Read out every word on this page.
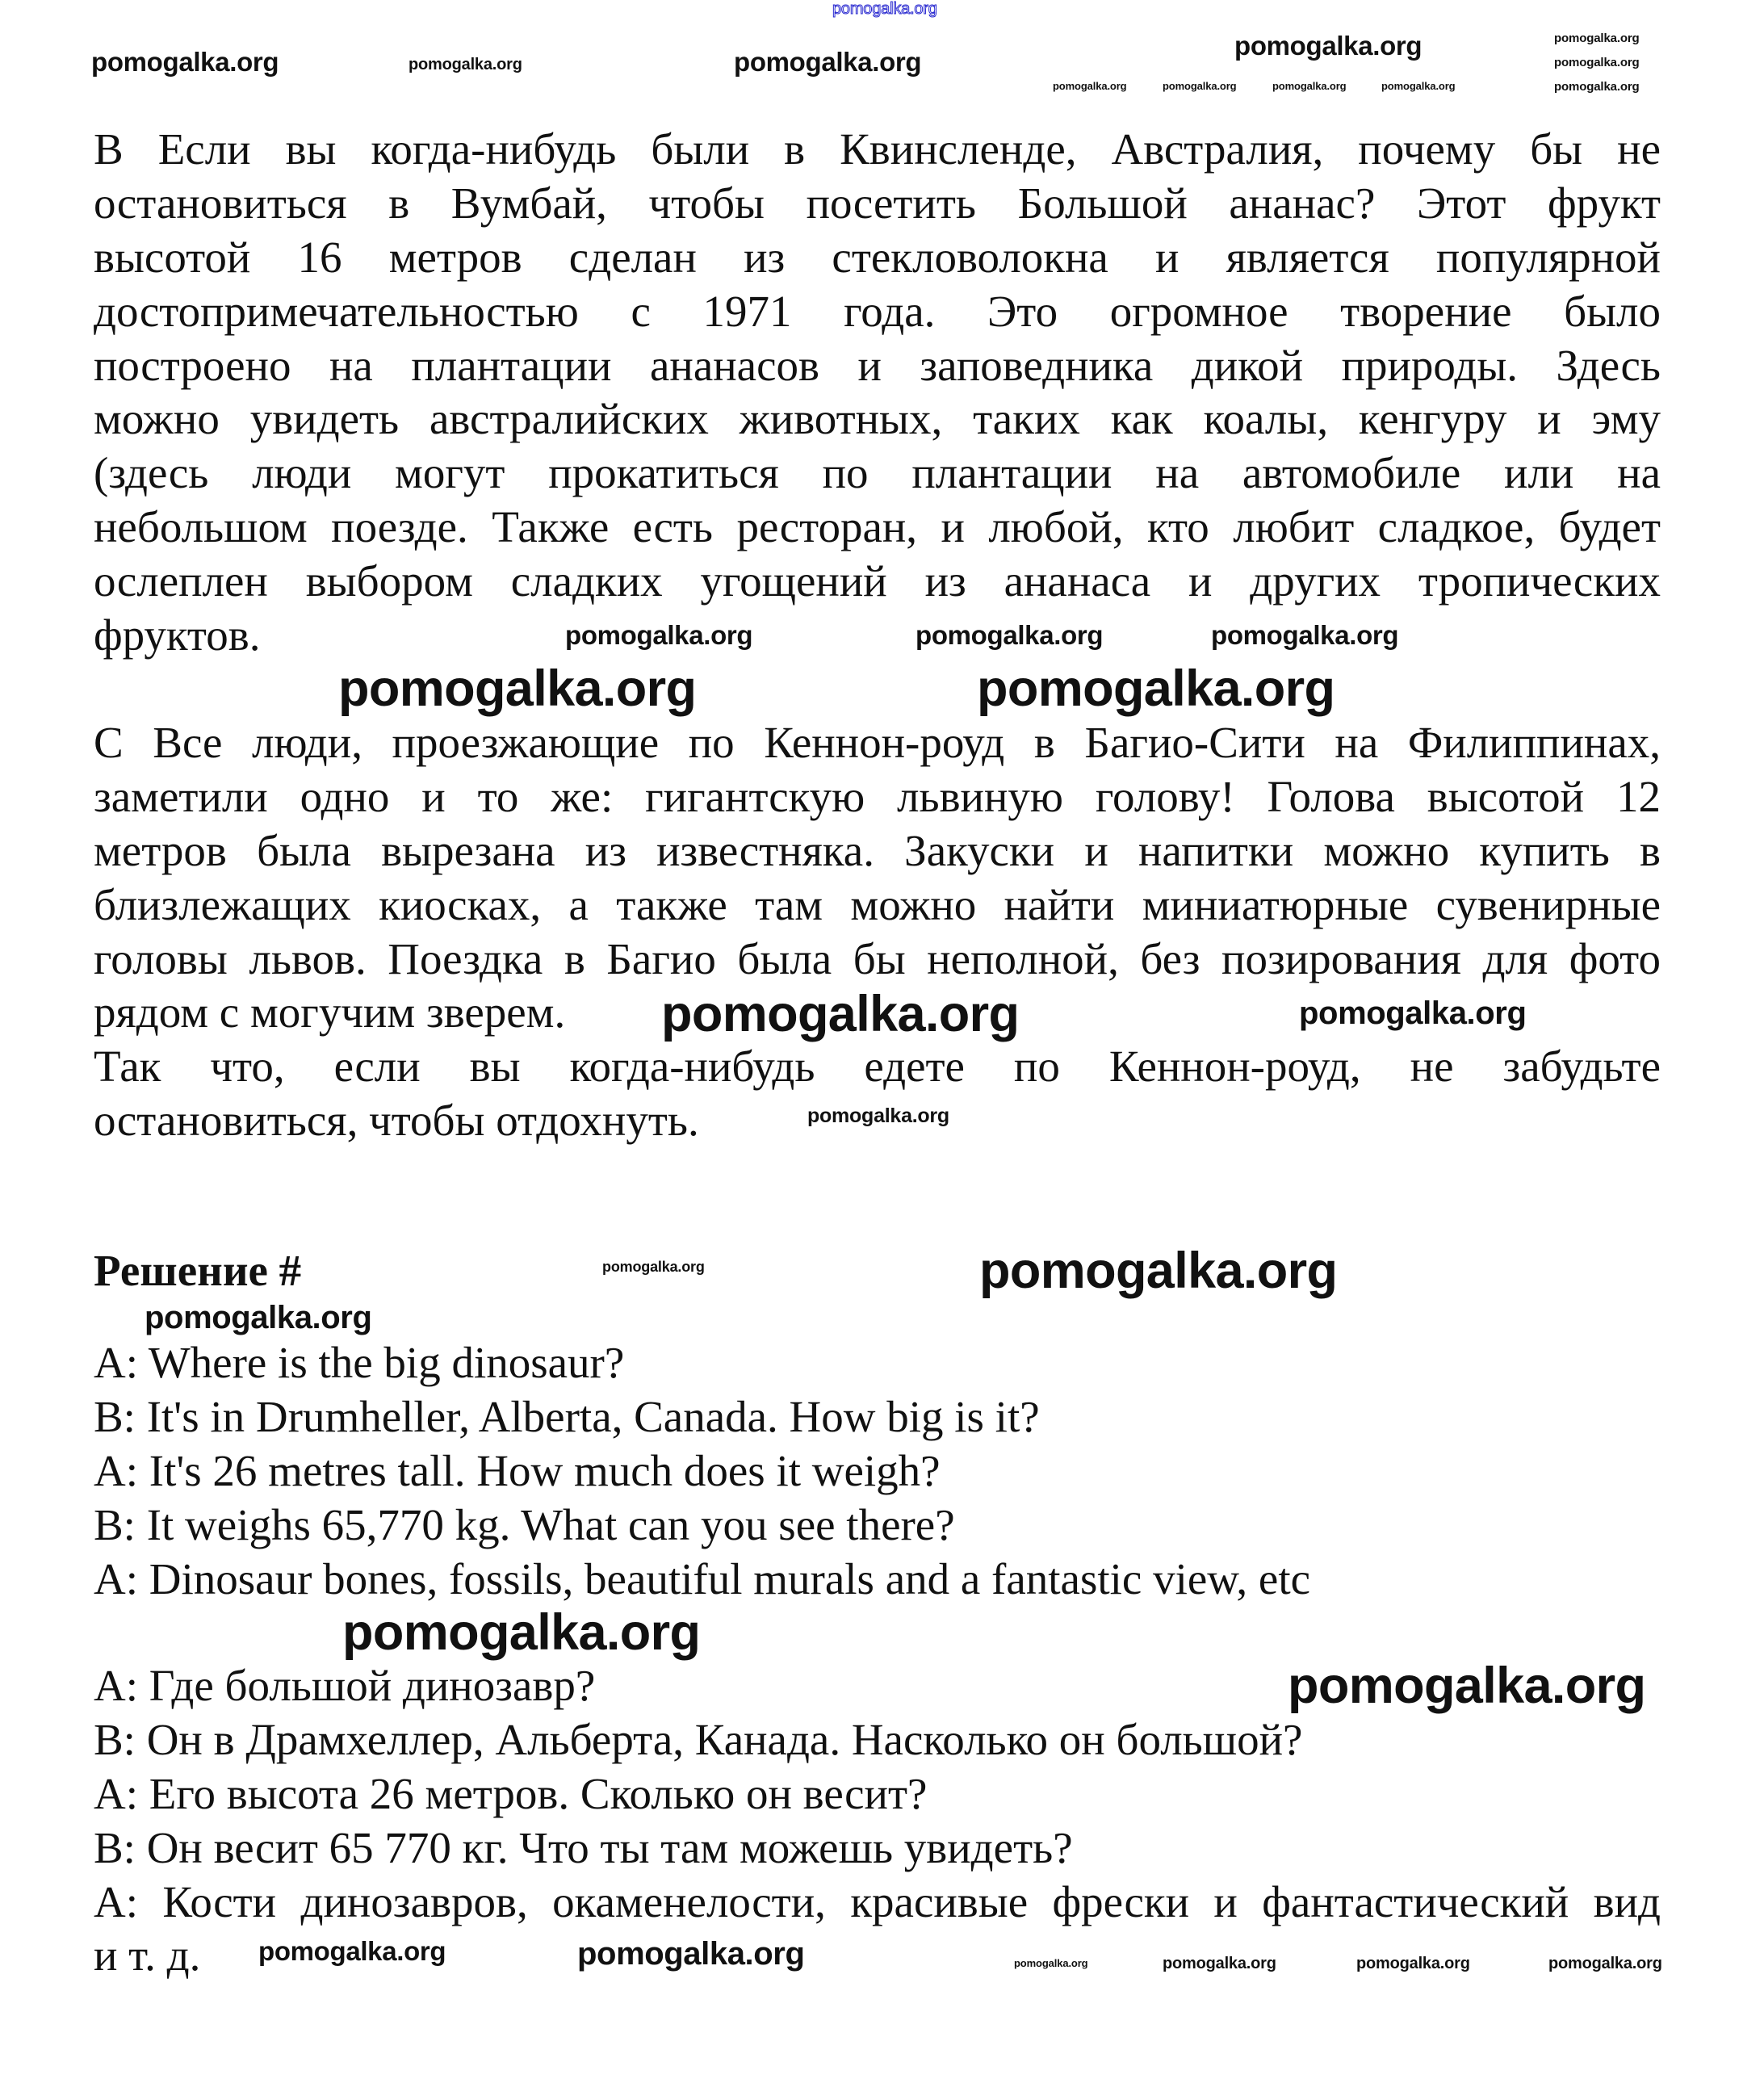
В Если вы когда-нибудь были в Квинсленде, Австралия, почему бы не
остановиться в Вумбай, чтобы посетить Большой ананас? Этот фрукт
высотой 16 метров сделан из стекловолокна и является популярной
достопримечательностью с 1971 года. Это огромное творение было
построено на плантации ананасов и заповедника дикой природы. Здесь
можно увидеть австралийских животных, таких как коалы, кенгуру и эму
(здесь люди могут прокатиться по плантации на автомобиле или на
небольшом поезде. Также есть ресторан, и любой, кто любит сладкое, будет
ослеплен выбором сладких угощений из ананаса и других тропических
фруктов.
С Все люди, проезжающие по Кеннон-роуд в Багио-Сити на Филиппинах,
заметили одно и то же: гигантскую львиную голову! Голова высотой 12
метров была вырезана из известняка. Закуски и напитки можно купить в
близлежащих киосках, а также там можно найти миниатюрные сувенирные
головы львов. Поездка в Багио была бы неполной, без позирования для фото
рядом с могучим зверем.
Так что, если вы когда-нибудь едете по Кеннон-роуд, не забудьте
остановиться, чтобы отдохнуть.
Решение #
A: Where is the big dinosaur?
B: It's in Drumheller, Alberta, Canada. How big is it?
A: It's 26 metres tall. How much does it weigh?
B: It weighs 65,770 kg. What can you see there?
A: Dinosaur bones, fossils, beautiful murals and a fantastic view, etc
А: Где большой динозавр?
В: Он в Драмхеллер, Альберта, Канада. Насколько он большой?
А: Его высота 26 метров. Сколько он весит?
В: Он весит 65 770 кг. Что ты там можешь увидеть?
А: Кости динозавров, окаменелости, красивые фрески и фантастический вид
и т. д.
pomogalka.org
pomogalka.org	pomogalka.org	pomogalka.org	pomogalka.org
pomogalka.org
pomogalka.org	pomogalka.org	pomogalka.org	pomogalka.org
pomogalka.org
pomogalka.org
pomogalka.org	pomogalka.org	pomogalka.org
pomogalka.org	pomogalka.org
pomogalka.org	pomogalka.org
pomogalka.org
pomogalka.org
pomogalka.org	pomogalka.org
pomogalka.org
pomogalka.org
pomogalka.org	pomogalka.org	pomogalka.org	pomogalka.org	pomogalka.org	pomogalka.org
